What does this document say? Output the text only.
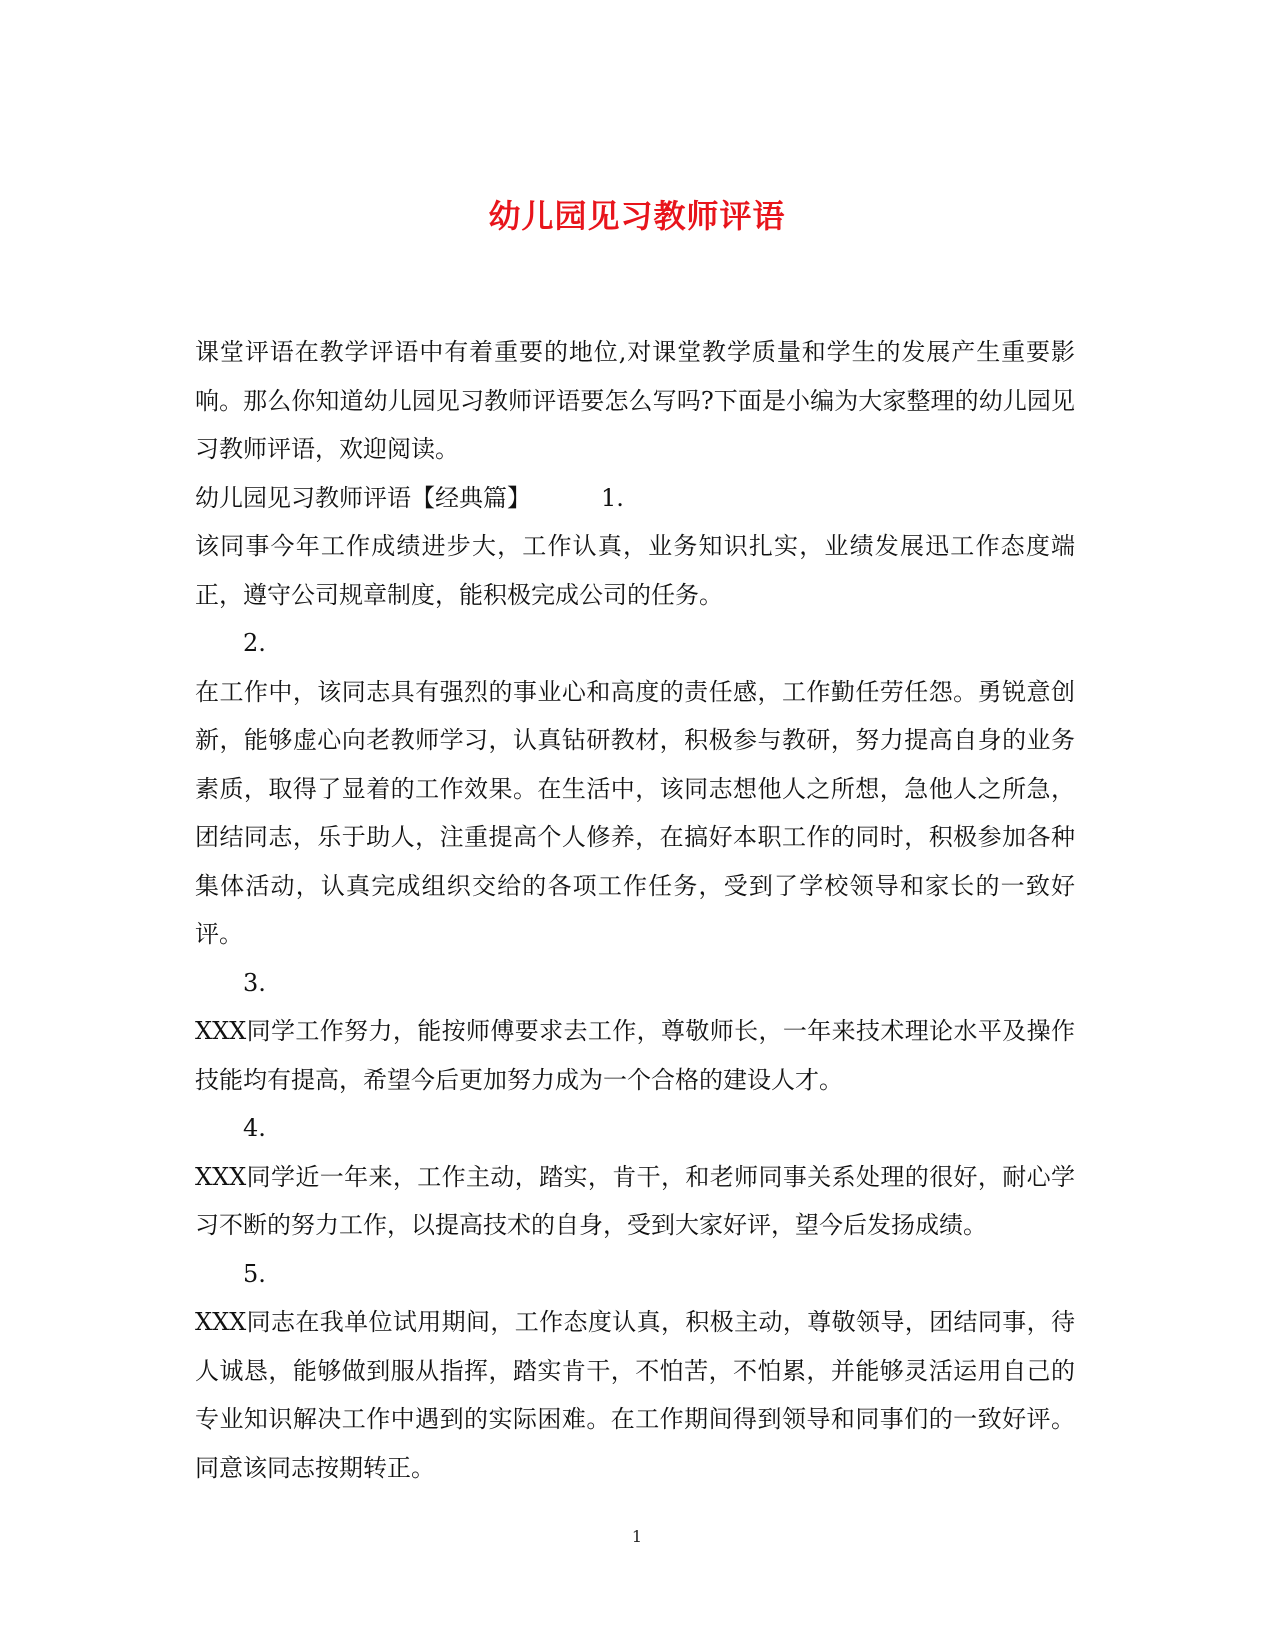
幼儿园见习教师评语

课堂评语在教学评语中有着重要的地位,对课堂教学质量和学生的发展产生重要影响。那么你知道幼儿园见习教师评语要怎么写吗?下面是小编为大家整理的幼儿园见习教师评语，欢迎阅读。

幼儿园见习教师评语【经典篇】	1.

该同事今年工作成绩进步大，工作认真，业务知识扎实，业绩发展迅工作态度端正，遵守公司规章制度，能积极完成公司的任务。

2.

在工作中，该同志具有强烈的事业心和高度的责任感，工作勤任劳任怨。勇锐意创新，能够虚心向老教师学习，认真钻研教材，积极参与教研，努力提高自身的业务素质，取得了显着的工作效果。在生活中，该同志想他人之所想，急他人之所急，团结同志，乐于助人，注重提高个人修养，在搞好本职工作的同时，积极参加各种集体活动，认真完成组织交给的各项工作任务，受到了学校领导和家长的一致好评。

3.

XXX同学工作努力，能按师傅要求去工作，尊敬师长，一年来技术理论水平及操作技能均有提高，希望今后更加努力成为一个合格的建设人才。

4.

XXX同学近一年来，工作主动，踏实，肯干，和老师同事关系处理的很好，耐心学习不断的努力工作，以提高技术的自身，受到大家好评，望今后发扬成绩。

5.

XXX同志在我单位试用期间，工作态度认真，积极主动，尊敬领导，团结同事，待人诚恳，能够做到服从指挥，踏实肯干，不怕苦，不怕累，并能够灵活运用自己的专业知识解决工作中遇到的实际困难。在工作期间得到领导和同事们的一致好评。同意该同志按期转正。

1
